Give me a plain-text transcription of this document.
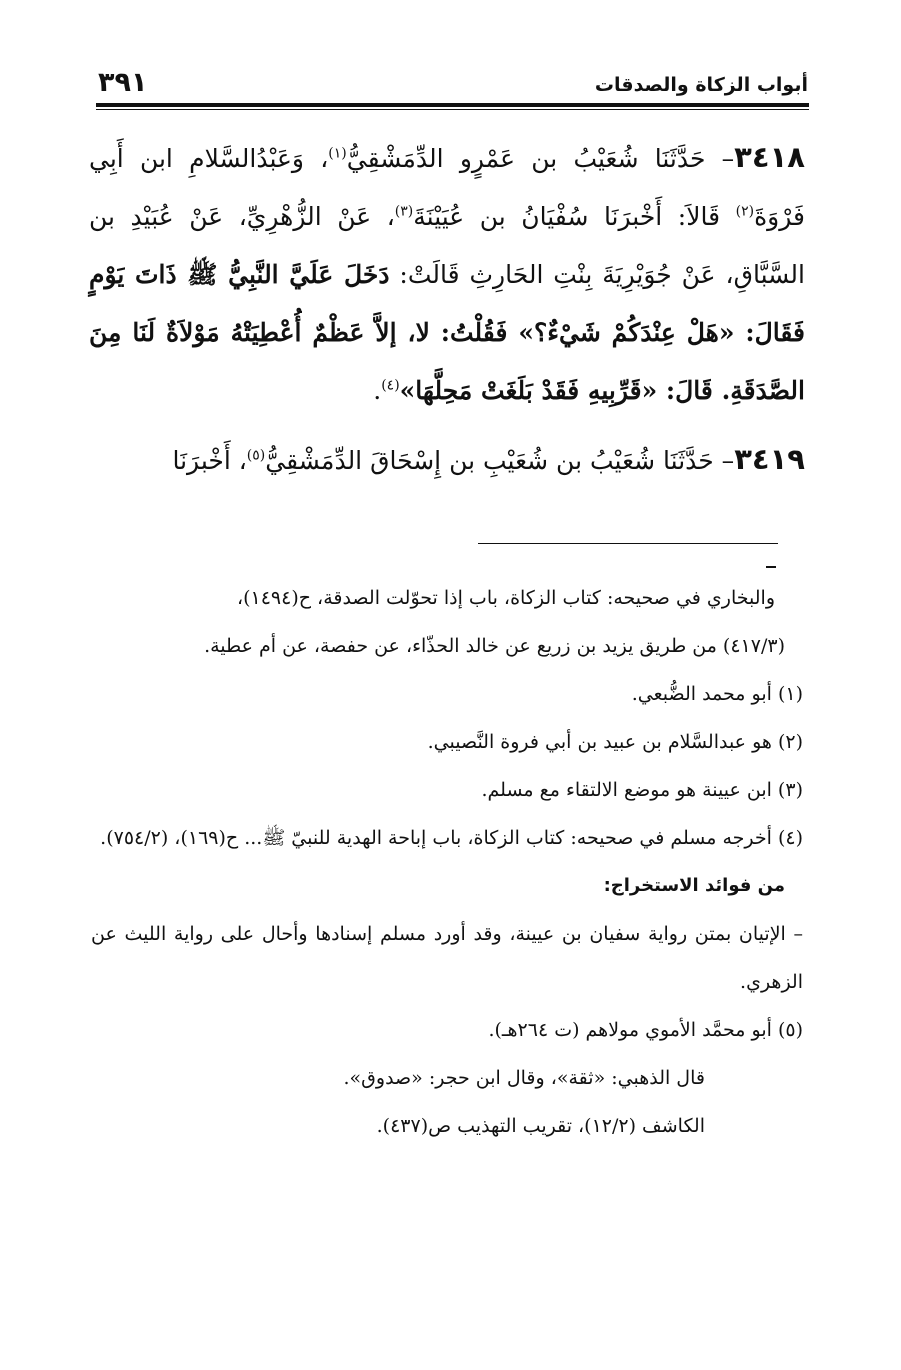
أبواب الزكاة والصدقات
٣٩١

٣٤١٨– حَدَّثَنَا شُعَيْبُ بن عَمْرٍو الدِّمَشْقِيُّ$^{(١)}$، وَعَبْدُالسَّلامِ ابن أَبِي فَرْوَةَ$^{(٢)}$ قَالاَ: أَخْبرَنَا سُفْيَانُ بن عُيَيْنَةَ$^{(٣)}$، عَنْ الزُّهْرِيِّ، عَنْ عُبَيْدِ بن السَّبَّاقِ، عَنْ جُوَيْرِيَةَ بِنْتِ الحَارِثِ قَالَتْ: دَخَلَ عَلَيَّ النَّبِيُّ ﷺ ذَاتَ يَوْمٍ فَقَالَ: «هَلْ عِنْدَكُمْ شَيْءٌ؟» فَقُلْتُ: لا، إلاَّ عَظْمٌ أُعْطِيَتْهُ مَوْلاَةٌ لَنَا مِنَ الصَّدَقَةِ. قَالَ: «قَرِّبِيهِ فَقَدْ بَلَغَتْ مَحِلَّهَا»$^{(٤)}$.

٣٤١٩– حَدَّثَنَا شُعَيْبُ بن شُعَيْبِ بن إِسْحَاقَ الدِّمَشْقِيُّ$^{(٥)}$، أَخْبرَنَا

والبخاري في صحيحه: كتاب الزكاة، باب إذا تحوّلت الصدقة، ح(١٤٩٤)،

(٤١٧/٣) من طريق يزيد بن زريع عن خالد الحذّاء، عن حفصة، عن أم عطية.

(١) أبو محمد الضُّبعي.

(٢) هو عبدالسَّلام بن عبيد بن أبي فروة النَّصيبي.

(٣) ابن عيينة هو موضع الالتقاء مع مسلم.

(٤) أخرجه مسلم في صحيحه: كتاب الزكاة، باب إباحة الهدية للنبيّ ﷺ... ح(١٦٩)، (٧٥٤/٢).

من فوائد الاستخراج:

– الإتيان بمتن رواية سفيان بن عيينة، وقد أورد مسلم إسنادها وأحال على رواية الليث عن الزهري.

(٥) أبو محمَّد الأموي مولاهم (ت ٢٦٤هـ).

قال الذهبي: «ثقة»، وقال ابن حجر: «صدوق».

الكاشف (١٢/٢)، تقريب التهذيب ص(٤٣٧).
